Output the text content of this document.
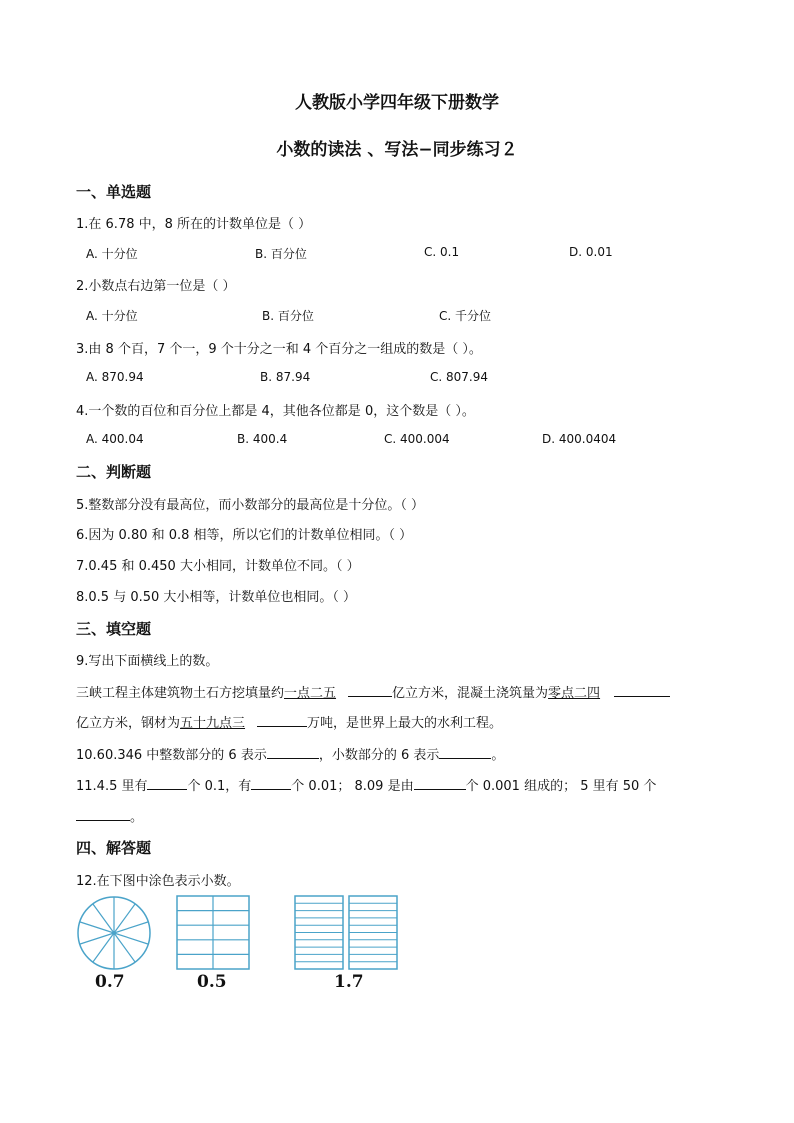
人教版小学四年级下册数学
小数的读法 、写法−同步练习２
一、单选题
1.在 6.78 中，8 所在的计数单位是（ ）
A. 十分位	B. 百分位	C. 0.1	D. 0.01
2.小数点右边第一位是（ ）
A. 十分位	B. 百分位	C. 千分位
3.由 8 个百，7 个一，9 个十分之一和 4 个百分之一组成的数是（ ）。
A. 870.94	B. 87.94	C. 807.94
4.一个数的百位和百分位上都是 4，其他各位都是 0，这个数是（ ）。
A. 400.04	B. 400.4	C. 400.004	D. 400.0404
二、判断题
5.整数部分没有最高位，而小数部分的最高位是十分位。（ ）
6.因为 0.80 和 0.8 相等，所以它们的计数单位相同。（ ）
7.0.45 和 0.450 大小相同，计数单位不同。（ ）
8.0.5 与 0.50 大小相等，计数单位也相同。（ ）
三、填空题
9.写出下面横线上的数。
三峡工程主体建筑物土石方挖填量约一点二五	亿立方米，混凝土浇筑量为零点二四
亿立方米，钢材为五十九点三	万吨，是世界上最大的水利工程。
10.60.346 中整数部分的 6 表示	，小数部分的 6 表示	。
11.4.5 里有	个 0.1，有	个 0.01； 8.09 是由	个 0.001 组成的； 5 里有 50 个
。
四、解答题
12.在下图中涂色表示小数。
0.7	0.5	1.7
